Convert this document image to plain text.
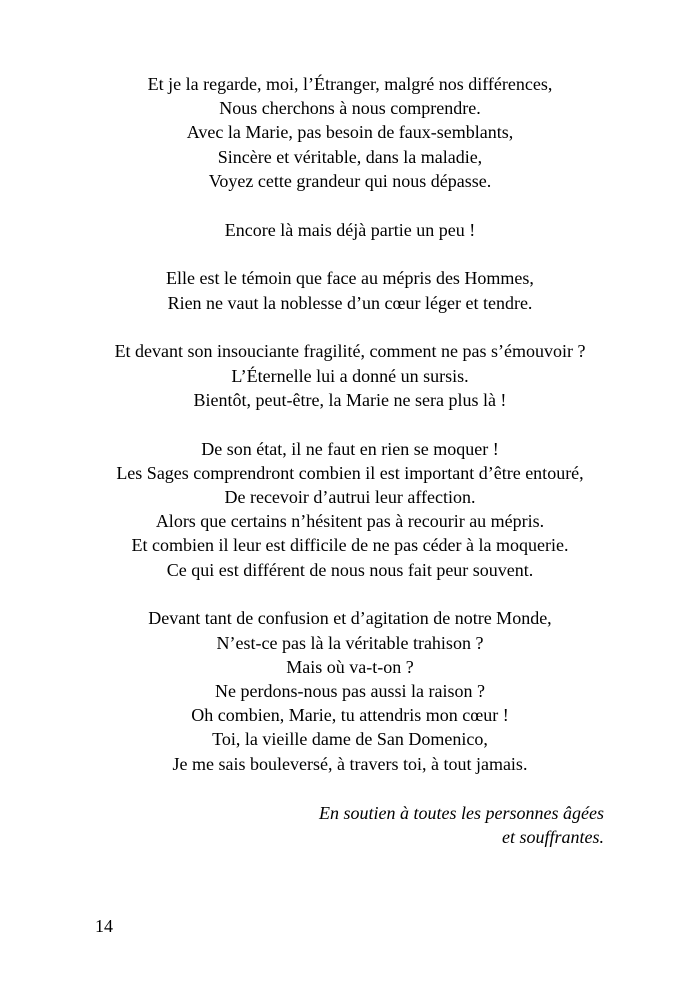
Et je la regarde, moi, l’Étranger, malgré nos différences,
Nous cherchons à nous comprendre.
Avec la Marie, pas besoin de faux-semblants,
Sincère et véritable, dans la maladie,
Voyez cette grandeur qui nous dépasse.
Encore là mais déjà partie un peu !
Elle est le témoin que face au mépris des Hommes,
Rien ne vaut la noblesse d’un cœur léger et tendre.
Et devant son insouciante fragilité, comment ne pas s’émouvoir ?
L’Éternelle lui a donné un sursis.
Bientôt, peut-être, la Marie ne sera plus là !
De son état, il ne faut en rien se moquer !
Les Sages comprendront combien il est important d’être entouré,
De recevoir d’autrui leur affection.
Alors que certains n’hésitent pas à recourir au mépris.
Et combien il leur est difficile de ne pas céder à la moquerie.
Ce qui est différent de nous nous fait peur souvent.
Devant tant de confusion et d’agitation de notre Monde,
N’est-ce pas là la véritable trahison ?
Mais où va-t-on ?
Ne perdons-nous pas aussi la raison ?
Oh combien, Marie, tu attendris mon cœur !
Toi, la vieille dame de San Domenico,
Je me sais bouleversé, à travers toi, à tout jamais.
En soutien à toutes les personnes âgées
et souffrantes.
14
